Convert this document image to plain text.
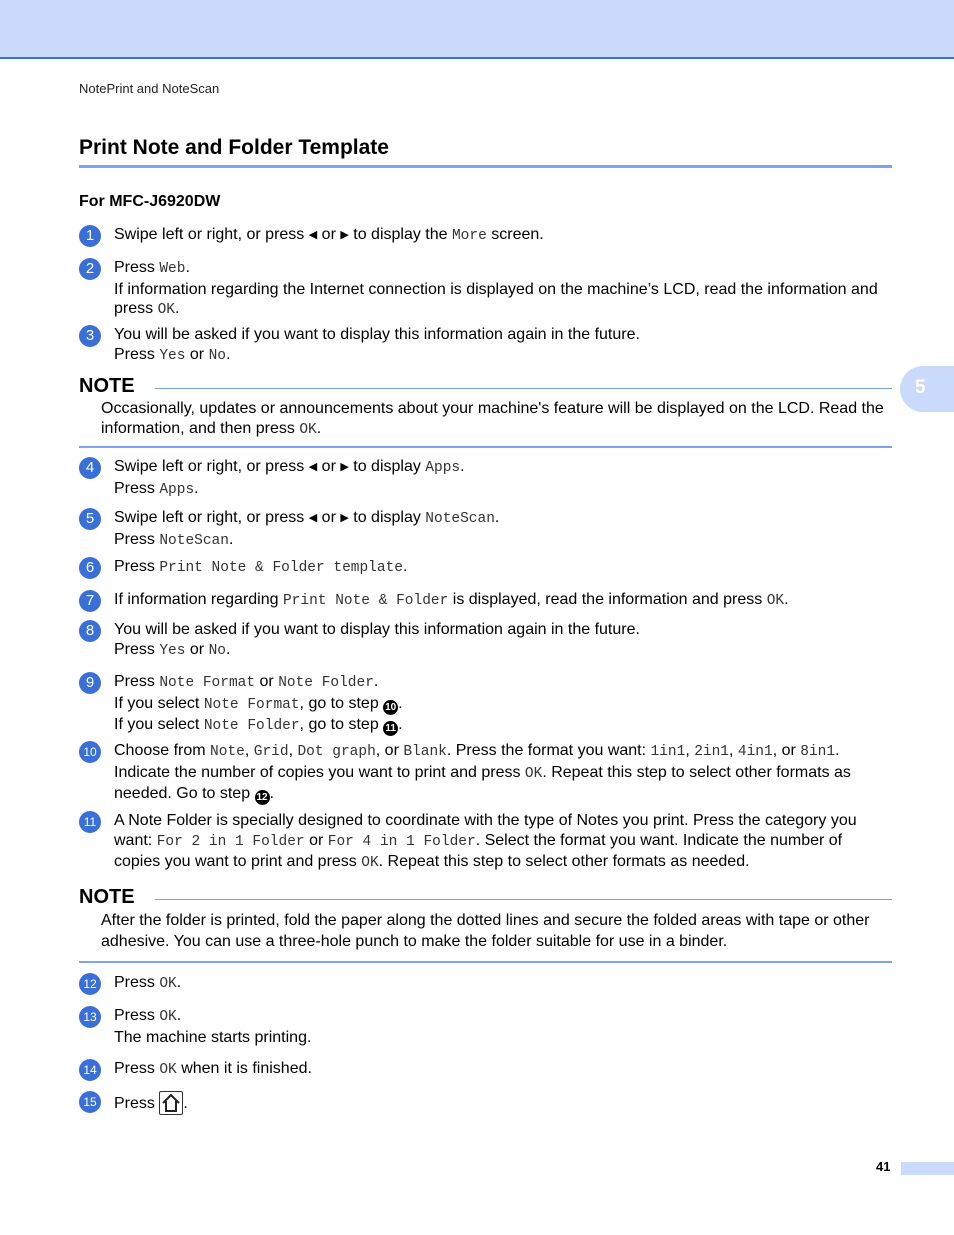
NotePrint and NoteScan
Print Note and Folder Template
For MFC-J6920DW
1	Swipe left or right, or press ◀ or ▶ to display the More screen.
2	Press Web.
If information regarding the Internet connection is displayed on the machine’s LCD, read the information and press OK.
3	You will be asked if you want to display this information again in the future.
Press Yes or No.
NOTE
Occasionally, updates or announcements about your machine's feature will be displayed on the LCD. Read the information, and then press OK.
4	Swipe left or right, or press ◀ or ▶ to display Apps.
Press Apps.
5	Swipe left or right, or press ◀ or ▶ to display NoteScan.
Press NoteScan.
6	Press Print Note & Folder template.
7	If information regarding Print Note & Folder is displayed, read the information and press OK.
8	You will be asked if you want to display this information again in the future.
Press Yes or No.
9	Press Note Format or Note Folder.
If you select Note Format, go to step 10 .
If you select Note Folder, go to step 11 .
10 Choose from Note, Grid, Dot graph, or Blank. Press the format you want: 1in1, 2in1, 4in1, or 8in1. Indicate the number of copies you want to print and press OK. Repeat this step to select other formats as needed. Go to step 12 .
11 A Note Folder is specially designed to coordinate with the type of Notes you print. Press the category you want: For 2 in 1 Folder or For 4 in 1 Folder. Select the format you want. Indicate the number of copies you want to print and press OK. Repeat this step to select other formats as needed.
NOTE
After the folder is printed, fold the paper along the dotted lines and secure the folded areas with tape or other adhesive. You can use a three-hole punch to make the folder suitable for use in a binder.
12 Press OK.
13 Press OK.
The machine starts printing.
14 Press OK when it is finished.
15 Press .
5
41
